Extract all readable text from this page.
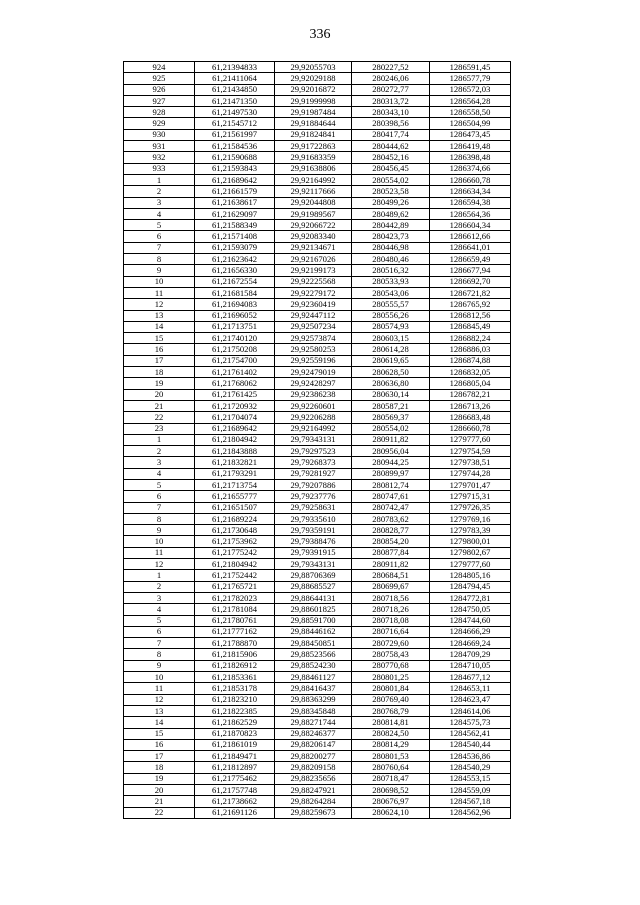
336
924	61,21394833	29,92055703	280227,52	1286591,45
925	61,21411064	29,92029188	280246,06	1286577,79
926	61,21434850	29,92016872	280272,77	1286572,03
927	61,21471350	29,91999998	280313,72	1286564,28
928	61,21497530	29,91987484	280343,10	1286558,50
929	61,21545712	29,91884644	280398,56	1286504,99
930	61,21561997	29,91824841	280417,74	1286473,45
931	61,21584536	29,91722863	280444,62	1286419,48
932	61,21590688	29,91683359	280452,16	1286398,48
933	61,21593843	29,91638806	280456,45	1286374,66
1	61,21689642	29,92164992	280554,02	1286660,78
2	61,21661579	29,92117666	280523,58	1286634,34
3	61,21638617	29,92044808	280499,26	1286594,38
4	61,21629097	29,91989567	280489,62	1286564,36
5	61,21588349	29,92066722	280442,89	1286604,34
6	61,21571408	29,92083340	280423,73	1286612,66
7	61,21593079	29,92134671	280446,98	1286641,01
8	61,21623642	29,92167026	280480,46	1286659,49
9	61,21656330	29,92199173	280516,32	1286677,94
10	61,21672554	29,92225568	280533,93	1286692,70
11	61,21681584	29,92279172	280543,06	1286721,82
12	61,21694083	29,92360419	280555,57	1286765,92
13	61,21696052	29,92447112	280556,26	1286812,56
14	61,21713751	29,92507234	280574,93	1286845,49
15	61,21740120	29,92573874	280603,15	1286882,24
16	61,21750208	29,92580253	280614,28	1286886,03
17	61,21754700	29,92559196	280619,65	1286874,88
18	61,21761402	29,92479019	280628,50	1286832,05
19	61,21768062	29,92428297	280636,80	1286805,04
20	61,21761425	29,92386238	280630,14	1286782,21
21	61,21720932	29,92260601	280587,21	1286713,26
22	61,21704074	29,92206288	280569,37	1286683,48
23	61,21689642	29,92164992	280554,02	1286660,78
1	61,21804942	29,79343131	280911,82	1279777,60
2	61,21843888	29,79297523	280956,04	1279754,59
3	61,21832821	29,79268373	280944,25	1279738,51
4	61,21793291	29,79281927	280899,97	1279744,28
5	61,21713754	29,79207886	280812,74	1279701,47
6	61,21655777	29,79237776	280747,61	1279715,31
7	61,21651507	29,79258631	280742,47	1279726,35
8	61,21689224	29,79335610	280783,62	1279769,16
9	61,21730648	29,79359191	280828,77	1279783,39
10	61,21753962	29,79388476	280854,20	1279800,01
11	61,21775242	29,79391915	280877,84	1279802,67
12	61,21804942	29,79343131	280911,82	1279777,60
1	61,21752442	29,88706369	280684,51	1284805,16
2	61,21765721	29,88685527	280699,67	1284794,45
3	61,21782023	29,88644131	280718,56	1284772,81
4	61,21781084	29,88601825	280718,26	1284750,05
5	61,21780761	29,88591700	280718,08	1284744,60
6	61,21777162	29,88446162	280716,64	1284666,29
7	61,21788870	29,88450851	280729,60	1284669,24
8	61,21815906	29,88523566	280758,43	1284709,29
9	61,21826912	29,88524230	280770,68	1284710,05
10	61,21853361	29,88461127	280801,25	1284677,12
11	61,21853178	29,88416437	280801,84	1284653,11
12	61,21823210	29,88363299	280769,40	1284623,47
13	61,21822385	29,88345848	280768,79	1284614,06
14	61,21862529	29,88271744	280814,81	1284575,73
15	61,21870823	29,88246377	280824,50	1284562,41
16	61,21861019	29,88206147	280814,29	1284540,44
17	61,21849471	29,88200277	280801,53	1284536,86
18	61,21812897	29,88209158	280760,64	1284540,29
19	61,21775462	29,88235656	280718,47	1284553,15
20	61,21757748	29,88247921	280698,52	1284559,09
21	61,21738662	29,88264284	280676,97	1284567,18
22	61,21691126	29,88259673	280624,10	1284562,96
